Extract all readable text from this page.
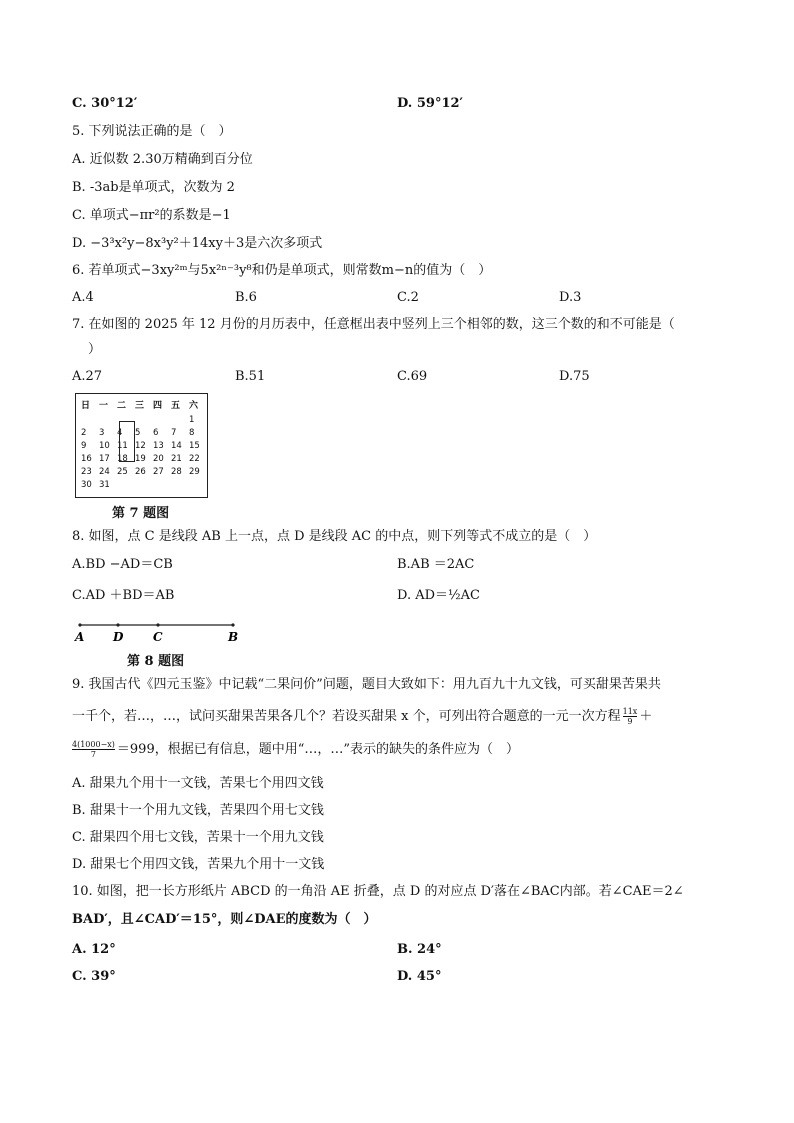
C. 30°12′	D. 59°12′
5. 下列说法正确的是（　）
A. 近似数 2.30万精确到百分位
B. -3ab是单项式，次数为 2
C. 单项式−πr²的系数是−1
D. −3³x²y−8x³y²＋14xy＋3是六次多项式
6. 若单项式−3xy²ᵐ与5x²ⁿ⁻³y⁸和仍是单项式，则常数m−n的值为（　）
A.4	B.6	C.2	D.3
7. 在如图的 2025 年 12 月份的月历表中，任意框出表中竖列上三个相邻的数，这三个数的和不可能是（
）
A.27	B.51	C.69	D.75
日	一	二	三	四	五	六
						1
2	3	4	5	6	7	8
9	10	11	12	13	14	15
16	17	18	19	20	21	22
23	24	25	26	27	28	29
30	31					
第 7 题图
8. 如图，点 C 是线段 AB 上一点，点 D 是线段 AC 的中点，则下列等式不成立的是（　）
A.BD −AD＝CB	B.AB ＝2AC
C.AD ＋BD＝AB	D. AD＝½AC
A D C	B
第 8 题图
9. 我国古代《四元玉鉴》中记载“二果问价”问题，题目大致如下：用九百九十九文钱，可买甜果苦果共
一千个，若…，…，试问买甜果苦果各几个？若设买甜果 x 个，可列出符合题意的一元一次方程 $\frac{11x}{9}$ ＋
$\frac{4(1000-x)}{7} =999$，根据已有信息，题中用“…，…”表示的缺失的条件应为（　）
A. 甜果九个用十一文钱，苦果七个用四文钱
B. 甜果十一个用九文钱，苦果四个用七文钱
C. 甜果四个用七文钱，苦果十一个用九文钱
D. 甜果七个用四文钱，苦果九个用十一文钱
10. 如图，把一长方形纸片 ABCD 的一角沿 AE 折叠，点 D 的对应点 D′落在∠BAC内部。若∠CAE＝2∠
BAD′，且∠CAD′＝15°，则∠DAE的度数为（　）
A. 12°	B. 24°
C. 39°	D. 45°
